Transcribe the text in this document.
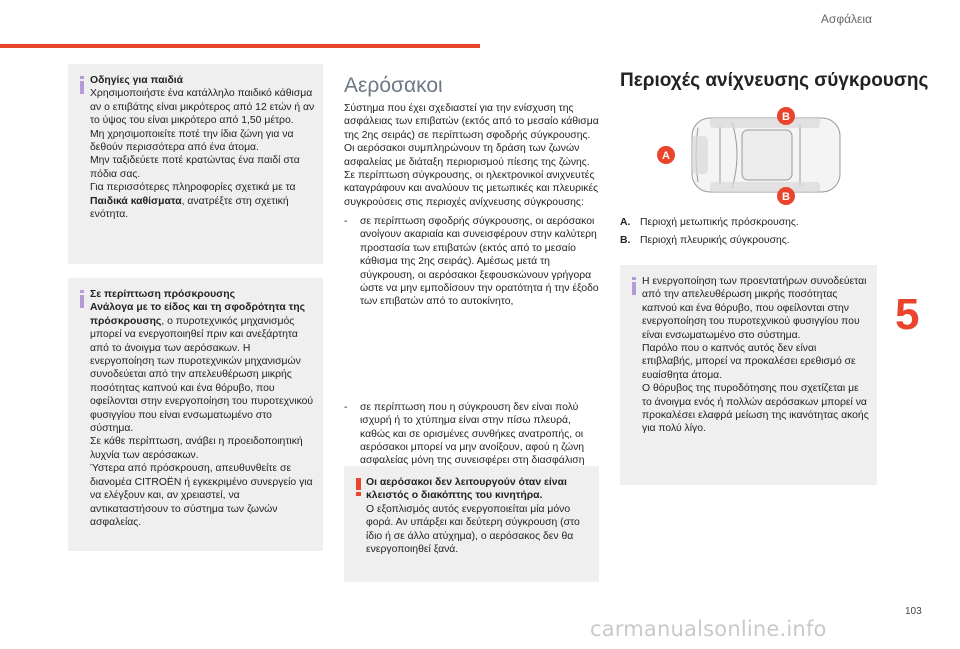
Ασφάλεια
Οδηγίες για παιδιά
Χρησιμοποιήστε ένα κατάλληλο παιδικό κάθισμα αν ο επιβάτης είναι μικρότερος από 12 ετών ή αν το ύψος του είναι μικρότερο από 1,50 μέτρο.
Μη χρησιμοποιείτε ποτέ την ίδια ζώνη για να δεθούν περισσότερα από ένα άτομα.
Μην ταξιδεύετε ποτέ κρατώντας ένα παιδί στα πόδια σας.
Για περισσότερες πληροφορίες σχετικά με τα Παιδικά καθίσματα, ανατρέξτε στη σχετική ενότητα.
Σε περίπτωση πρόσκρουσης
Ανάλογα με το είδος και τη σφοδρότητα της πρόσκρουσης, ο πυροτεχνικός μηχανισμός μπορεί να ενεργοποιηθεί πριν και ανεξάρτητα από το άνοιγμα των αερόσακων. Η ενεργοποίηση των πυροτεχνικών μηχανισμών συνοδεύεται από την απελευθέρωση μικρής ποσότητας καπνού και ένα θόρυβο, που οφείλονται στην ενεργοποίηση του πυροτεχνικού φυσιγγίου που είναι ενσωματωμένο στο σύστημα.
Σε κάθε περίπτωση, ανάβει η προειδοποιητική λυχνία των αερόσακων.
Ύστερα από πρόσκρουση, απευθυνθείτε σε διανομέα CITROËN ή εγκεκριμένο συνεργείο για να ελέγξουν και, αν χρειαστεί, να αντικαταστήσουν το σύστημα των ζωνών ασφαλείας.
Αερόσακοι
Σύστημα που έχει σχεδιαστεί για την ενίσχυση της ασφάλειας των επιβατών (εκτός από το μεσαίο κάθισμα της 2ης σειράς) σε περίπτωση σφοδρής σύγκρουσης. Οι αερόσακοι συμπληρώνουν τη δράση των ζωνών ασφαλείας με διάταξη περιορισμού πίεσης της ζώνης. Σε περίπτωση σύγκρουσης, οι ηλεκτρονικοί ανιχνευτές καταγράφουν και αναλύουν τις μετωπικές και πλευρικές συγκρούσεις στις περιοχές ανίχνευσης σύγκρουσης:
- σε περίπτωση σφοδρής σύγκρουσης, οι αερόσακοι ανοίγουν ακαριαία και συνεισφέρουν στην καλύτερη προστασία των επιβατών (εκτός από το μεσαίο κάθισμα της 2ης σειράς). Αμέσως μετά τη σύγκρουση, οι αερόσακοι ξεφουσκώνουν γρήγορα ώστε να μην εμποδίσουν την ορατότητα ή την έξοδο των επιβατών από το αυτοκίνητο,
- σε περίπτωση που η σύγκρουση δεν είναι πολύ ισχυρή ή το χτύπημα είναι στην πίσω πλευρά, καθώς και σε ορισμένες συνθήκες ανατροπής, οι αερόσακοι μπορεί να μην ανοίξουν, αφού η ζώνη ασφαλείας μόνη της συνεισφέρει στη διασφάλιση
Οι αερόσακοι δεν λειτουργούν όταν είναι κλειστός ο διακόπτης του κινητήρα.
Ο εξοπλισμός αυτός ενεργοποιείται μία μόνο φορά. Αν υπάρξει και δεύτερη σύγκρουση (στο ίδιο ή σε άλλο ατύχημα), ο αερόσακος δεν θα ενεργοποιηθεί ξανά.
Περιοχές ανίχνευσης σύγκρουσης
A
B
B
A. Περιοχή μετωπικής πρόσκρουσης.
B. Περιοχή πλευρικής σύγκρουσης.
Η ενεργοποίηση των προεντατήρων συνοδεύεται από την απελευθέρωση μικρής ποσότητας καπνού και ένα θόρυβο, που οφείλονται στην ενεργοποίηση του πυροτεχνικού φυσιγγίου που είναι ενσωματωμένο στο σύστημα.
Παρόλο που ο καπνός αυτός δεν είναι επιβλαβής, μπορεί να προκαλέσει ερεθισμό σε ευαίσθητα άτομα.
Ο θόρυβος της πυροδότησης που σχετίζεται με το άνοιγμα ενός ή πολλών αερόσακων μπορεί να προκαλέσει ελαφρά μείωση της ικανότητας ακοής για πολύ λίγο.
5
103
carmanualsonline.info
